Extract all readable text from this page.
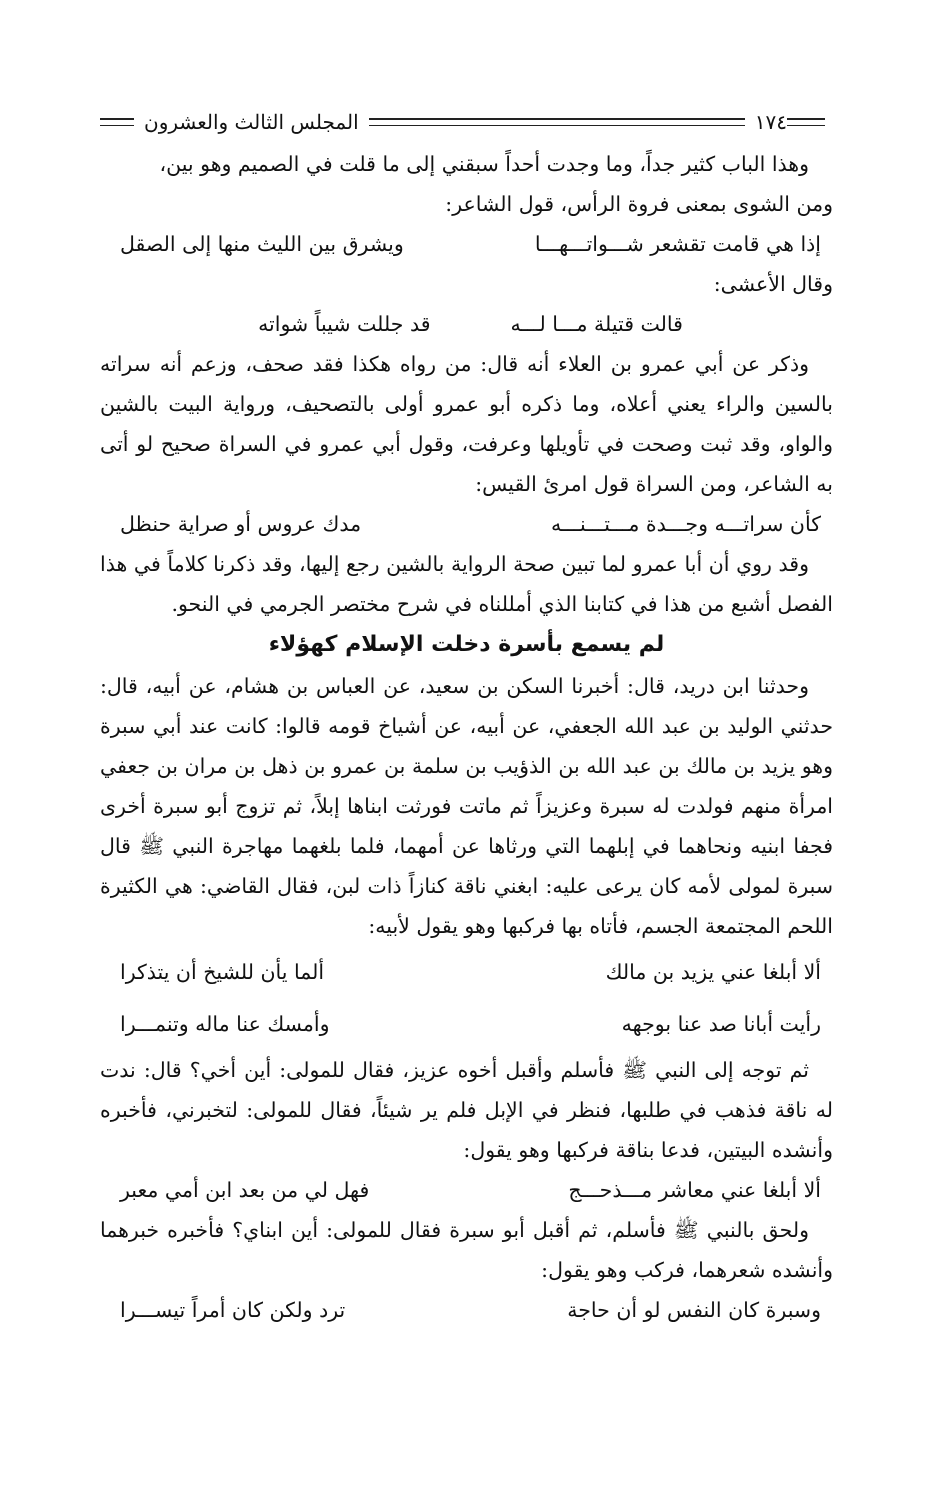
١٧٤
المجلس الثالث والعشرون

وهذا الباب كثير جداً، وما وجدت أحداً سبقني إلى ما قلت في الصميم وهو بين،

ومن الشوى بمعنى فروة الرأس، قول الشاعر:

إذا هي قامت تقشعر شـــواتـــهـــا
ويشرق بين الليث منها إلى الصقل

وقال الأعشى:

قالت قتيلة مـــا لـــه
قد جللت شيباً شواته

وذكر عن أبي عمرو بن العلاء أنه قال: من رواه هكذا فقد صحف، وزعم أنه سراته بالسين والراء يعني أعلاه، وما ذكره أبو عمرو أولى بالتصحيف، ورواية البيت بالشين والواو، وقد ثبت وصحت في تأويلها وعرفت، وقول أبي عمرو في السراة صحيح لو أتى به الشاعر، ومن السراة قول امرئ القيس:

كأن سراتـــه وجـــدة مـــتـــنـــه
مدك عروس أو صراية حنظل

وقد روي أن أبا عمرو لما تبين صحة الرواية بالشين رجع إليها، وقد ذكرنا كلاماً في هذا الفصل أشبع من هذا في كتابنا الذي أمللناه في شرح مختصر الجرمي في النحو.

لم يسمع بأسرة دخلت الإسلام كهؤلاء

وحدثنا ابن دريد، قال: أخبرنا السكن بن سعيد، عن العباس بن هشام، عن أبيه، قال: حدثني الوليد بن عبد الله الجعفي، عن أبيه، عن أشياخ قومه قالوا: كانت عند أبي سبرة وهو يزيد بن مالك بن عبد الله بن الذؤيب بن سلمة بن عمرو بن ذهل بن مران بن جعفي امرأة منهم فولدت له سبرة وعزيزاً ثم ماتت فورثت ابناها إبلاً، ثم تزوج أبو سبرة أخرى فجفا ابنيه ونحاهما في إبلهما التي ورثاها عن أمهما، فلما بلغهما مهاجرة النبي ﷺ قال سبرة لمولى لأمه كان يرعى عليه: ابغني ناقة كنازاً ذات لبن، فقال القاضي: هي الكثيرة اللحم المجتمعة الجسم، فأتاه بها فركبها وهو يقول لأبيه:

ألا أبلغا عني يزيد بن مالك
ألما يأن للشيخ أن يتذكرا
رأيت أبانا صد عنا بوجهه
وأمسك عنا ماله وتنمـــرا

ثم توجه إلى النبي ﷺ فأسلم وأقبل أخوه عزيز، فقال للمولى: أين أخي؟ قال: ندت له ناقة فذهب في طلبها، فنظر في الإبل فلم ير شيئاً، فقال للمولى: لتخبرني، فأخبره وأنشده البيتين، فدعا بناقة فركبها وهو يقول:

ألا أبلغا عني معاشر مـــذحـــج
فهل لي من بعد ابن أمي معبر

ولحق بالنبي ﷺ فأسلم، ثم أقبل أبو سبرة فقال للمولى: أين ابناي؟ فأخبره خبرهما وأنشده شعرهما، فركب وهو يقول:

وسبرة كان النفس لو أن حاجة
ترد ولكن كان أمراً تيســـرا
